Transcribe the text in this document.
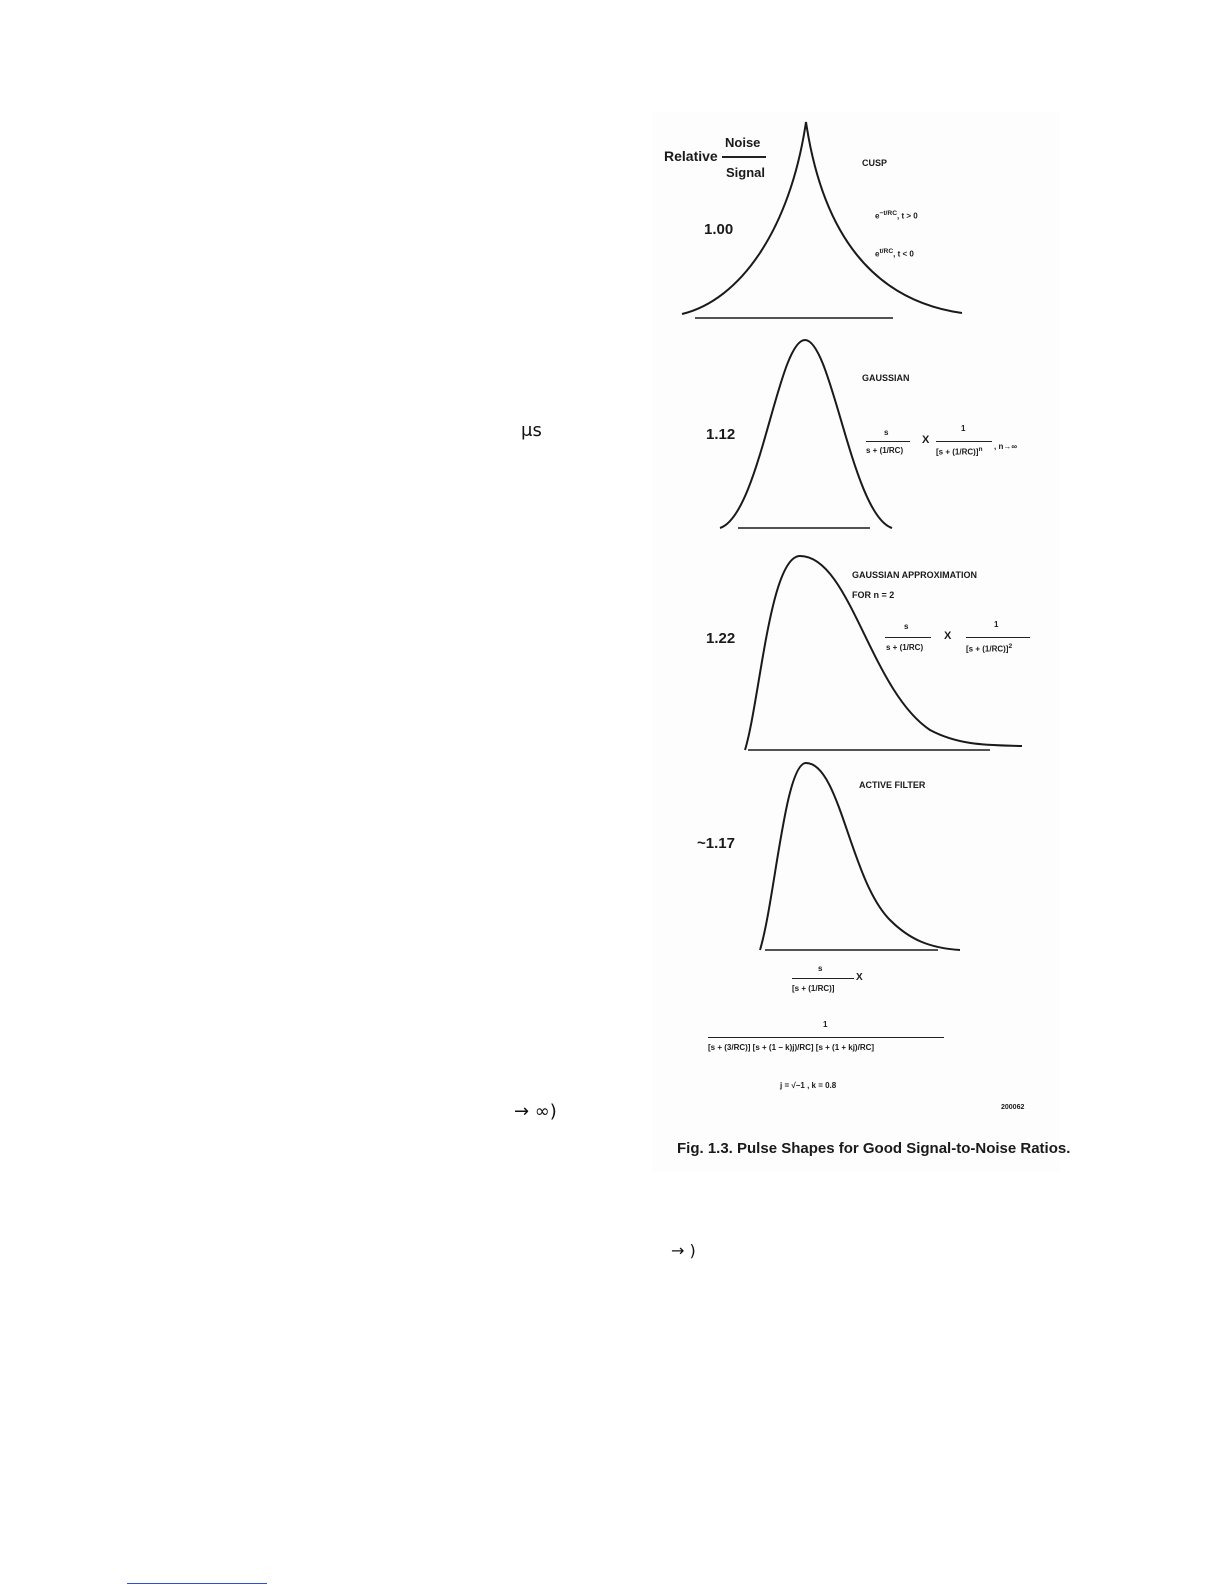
μs
→ ∞)
→ )
Relative
Noise
Signal
1.00
CUSP
$e^{-t/RC}$, t > 0
$e^{t/RC}$, t < 0
1.12
GAUSSIAN
s
s + (1/RC)
X
1
$[s + (1/RC)]^n$ , n→∞
1.22
GAUSSIAN APPROXIMATION
FOR n = 2
s
s + (1/RC)
X
1
$[s + (1/RC)]^2$
~1.17
ACTIVE FILTER
s
[s + (1/RC)]
X
1
[s + (3/RC)] [s + (1 − k)j)/RC] [s + (1 + kj)/RC]
j = √−1 , k = 0.8
200062
Fig. 1.3. Pulse Shapes for Good Signal-to-Noise Ratios.
